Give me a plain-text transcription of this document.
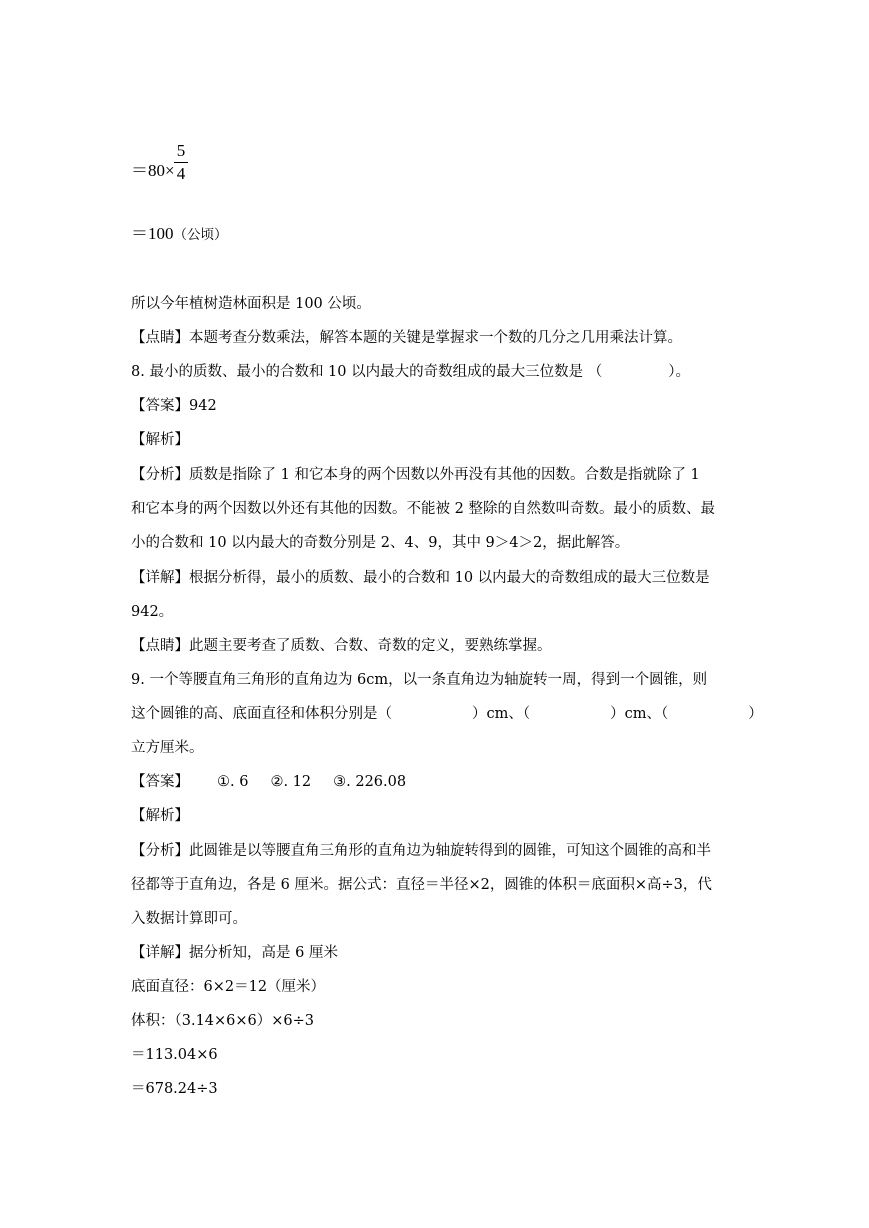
＝80×
5
4
＝100（公顷）
所以今年植树造林面积是 100 公顷。
【点睛】本题考查分数乘法，解答本题的关键是掌握求一个数的几分之几用乘法计算。
8. 最小的质数、最小的合数和 10 以内最大的奇数组成的最大三位数是 （	）。
【答案】942
【解析】
【分析】质数是指除了 1 和它本身的两个因数以外再没有其他的因数。合数是指就除了 1
和它本身的两个因数以外还有其他的因数。不能被 2 整除的自然数叫奇数。最小的质数、最
小的合数和 10 以内最大的奇数分别是 2、4、9，其中 9＞4＞2，据此解答。
【详解】根据分析得，最小的质数、最小的合数和 10 以内最大的奇数组成的最大三位数是
942。
【点睛】此题主要考查了质数、合数、奇数的定义，要熟练掌握。
9. 一个等腰直角三角形的直角边为 6cm，以一条直角边为轴旋转一周，得到一个圆锥，则
这个圆锥的高、底面直径和体积分别是（	）cm、（	）cm、（	）
立方厘米。
【答案】 ①. 6 ②. 12 ③. 226.08
【解析】
【分析】此圆锥是以等腰直角三角形的直角边为轴旋转得到的圆锥，可知这个圆锥的高和半
径都等于直角边，各是 6 厘米。据公式：直径＝半径×2，圆锥的体积＝底面积×高÷3，代
入数据计算即可。
【详解】据分析知，高是 6 厘米
底面直径：6×2＝12（厘米）
体积：（3.14×6×6）×6÷3
＝113.04×6
＝678.24÷3
